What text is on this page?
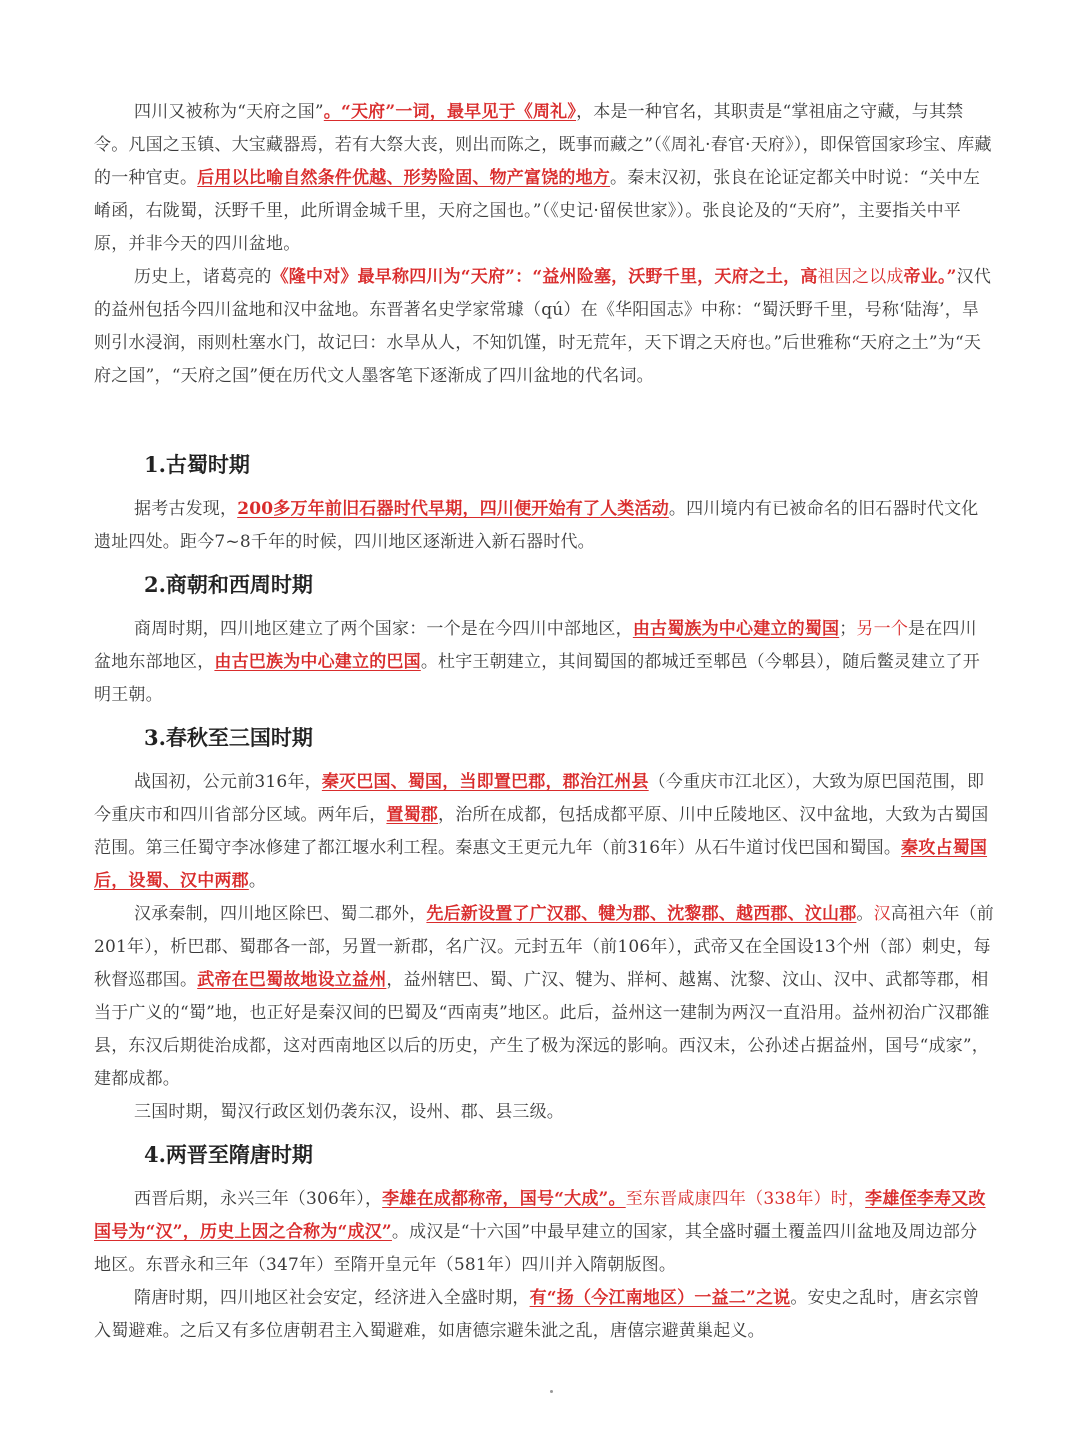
四川又被称为“天府之国”。“天府”一词，最早见于《周礼》，本是一种官名，其职责是“掌祖庙之守藏，与其禁令。凡国之玉镇、大宝藏器焉，若有大祭大丧，则出而陈之，既事而藏之”（《周礼·春官·天府》），即保管国家珍宝、库藏的一种官吏。后用以比喻自然条件优越、形势险固、物产富饶的地方。秦末汉初，张良在论证定都关中时说：“关中左崤函，右陇蜀，沃野千里，此所谓金城千里，天府之国也。”（《史记·留侯世家》）。张良论及的“天府”，主要指关中平原，并非今天的四川盆地。

历史上，诸葛亮的《隆中对》最早称四川为“天府”：“益州险塞，沃野千里，天府之土，高祖因之以成帝业。”汉代的益州包括今四川盆地和汉中盆地。东晋著名史学家常璩（qú）在《华阳国志》中称：“蜀沃野千里，号称‘陆海’，旱则引水浸润，雨则杜塞水门，故记曰：水旱从人，不知饥馑，时无荒年，天下谓之天府也。”后世雅称“天府之土”为“天府之国”，“天府之国”便在历代文人墨客笔下逐渐成了四川盆地的代名词。

1.古蜀时期

据考古发现，200多万年前旧石器时代早期，四川便开始有了人类活动。四川境内有已被命名的旧石器时代文化遗址四处。距今7~8千年的时候，四川地区逐渐进入新石器时代。

2.商朝和西周时期

商周时期，四川地区建立了两个国家：一个是在今四川中部地区，由古蜀族为中心建立的蜀国；另一个是在四川盆地东部地区，由古巴族为中心建立的巴国。杜宇王朝建立，其间蜀国的都城迁至郫邑（今郫县），随后鳖灵建立了开明王朝。

3.春秋至三国时期

战国初，公元前316年，秦灭巴国、蜀国，当即置巴郡，郡治江州县（今重庆市江北区），大致为原巴国范围，即今重庆市和四川省部分区域。两年后，置蜀郡，治所在成都，包括成都平原、川中丘陵地区、汉中盆地，大致为古蜀国范围。第三任蜀守李冰修建了都江堰水利工程。秦惠文王更元九年（前316年）从石牛道讨伐巴国和蜀国。秦攻占蜀国后，设蜀、汉中两郡。

汉承秦制，四川地区除巴、蜀二郡外，先后新设置了广汉郡、犍为郡、沈黎郡、越西郡、汶山郡。汉高祖六年（前201年），析巴郡、蜀郡各一部，另置一新郡，名广汉。元封五年（前106年），武帝又在全国设13个州（部）刺史，每秋督巡郡国。武帝在巴蜀故地设立益州，益州辖巴、蜀、广汉、犍为、牂柯、越嶲、沈黎、汶山、汉中、武都等郡，相当于广义的“蜀”地，也正好是秦汉间的巴蜀及“西南夷”地区。此后，益州这一建制为两汉一直沿用。益州初治广汉郡雒县，东汉后期徙治成都，这对西南地区以后的历史，产生了极为深远的影响。西汉末，公孙述占据益州，国号“成家”，建都成都。

三国时期，蜀汉行政区划仍袭东汉，设州、郡、县三级。

4.两晋至隋唐时期

西晋后期，永兴三年（306年），李雄在成都称帝，国号“大成”。至东晋咸康四年（338年）时，李雄侄李寿又改国号为“汉”，历史上因之合称为“成汉”。成汉是“十六国”中最早建立的国家，其全盛时疆土覆盖四川盆地及周边部分地区。东晋永和三年（347年）至隋开皇元年（581年）四川并入隋朝版图。

隋唐时期，四川地区社会安定，经济进入全盛时期，有“扬（今江南地区）一益二”之说。安史之乱时，唐玄宗曾入蜀避难。之后又有多位唐朝君主入蜀避难，如唐德宗避朱泚之乱，唐僖宗避黄巢起义。
